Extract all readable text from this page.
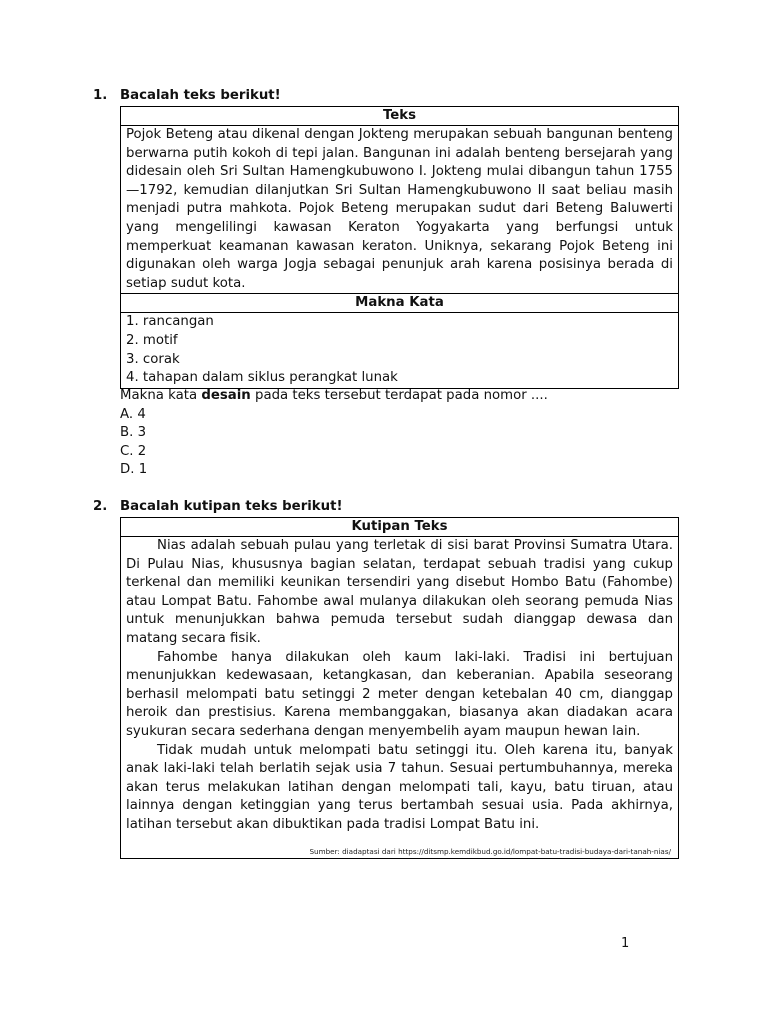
1. Bacalah teks berikut!
Teks

Pojok Beteng atau dikenal dengan Jokteng merupakan sebuah bangunan benteng berwarna putih kokoh di tepi jalan. Bangunan ini adalah benteng bersejarah yang didesain oleh Sri Sultan Hamengkubuwono I. Jokteng mulai dibangun tahun 1755—1792, kemudian dilanjutkan Sri Sultan Hamengkubuwono II saat beliau masih menjadi putra mahkota. Pojok Beteng merupakan sudut dari Beteng Baluwerti yang mengelilingi kawasan Keraton Yogyakarta yang berfungsi untuk memperkuat keamanan kawasan keraton. Uniknya, sekarang Pojok Beteng ini digunakan oleh warga Jogja sebagai penunjuk arah karena posisinya berada di setiap sudut kota.

Makna Kata
1. rancangan
2. motif
3. corak
4. tahapan dalam siklus perangkat lunak
Makna kata desain pada teks tersebut terdapat pada nomor ....
A. 4
B. 3
C. 2
D. 1
2. Bacalah kutipan teks berikut!
Kutipan Teks

Nias adalah sebuah pulau yang terletak di sisi barat Provinsi Sumatra Utara. Di Pulau Nias, khususnya bagian selatan, terdapat sebuah tradisi yang cukup terkenal dan memiliki keunikan tersendiri yang disebut Hombo Batu (Fahombe) atau Lompat Batu. Fahombe awal mulanya dilakukan oleh seorang pemuda Nias untuk menunjukkan bahwa pemuda tersebut sudah dianggap dewasa dan matang secara fisik.

Fahombe hanya dilakukan oleh kaum laki-laki. Tradisi ini bertujuan menunjukkan kedewasaan, ketangkasan, dan keberanian. Apabila seseorang berhasil melompati batu setinggi 2 meter dengan ketebalan 40 cm, dianggap heroik dan prestisius. Karena membanggakan, biasanya akan diadakan acara syukuran secara sederhana dengan menyembelih ayam maupun hewan lain.

Tidak mudah untuk melompati batu setinggi itu. Oleh karena itu, banyak anak laki-laki telah berlatih sejak usia 7 tahun. Sesuai pertumbuhannya, mereka akan terus melakukan latihan dengan melompati tali, kayu, batu tiruan, atau lainnya dengan ketinggian yang terus bertambah sesuai usia. Pada akhirnya, latihan tersebut akan dibuktikan pada tradisi Lompat Batu ini.

Sumber: diadaptasi dari https://ditsmp.kemdikbud.go.id/lompat-batu-tradisi-budaya-dari-tanah-nias/
1
